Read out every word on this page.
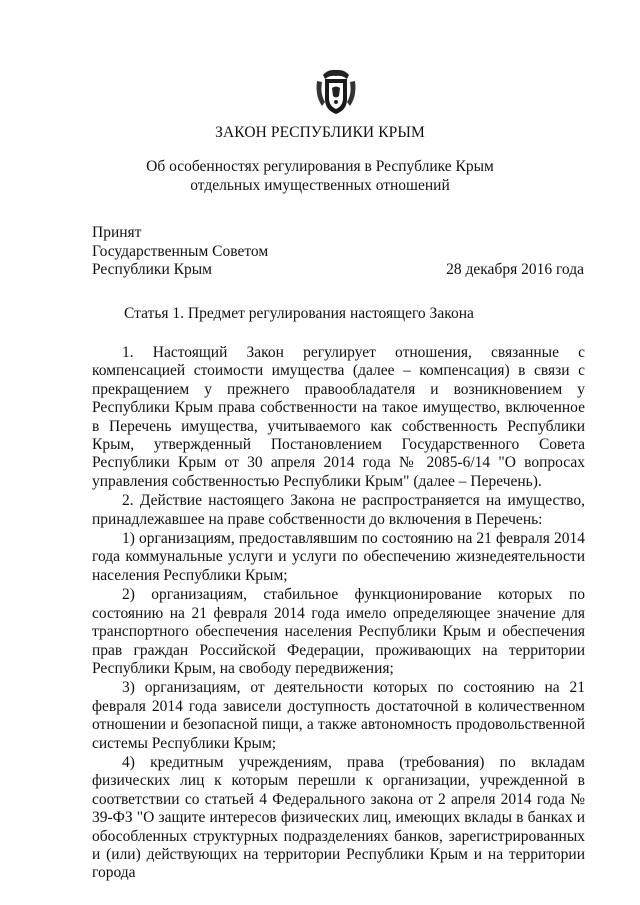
ЗАКОН РЕСПУБЛИКИ КРЫМ
Об особенностях регулирования в Республике Крым
отдельных имущественных отношений
Принят
Государственным Советом
Республики Крым	28 декабря 2016 года
Статья 1. Предмет регулирования настоящего Закона

1. Настоящий Закон регулирует отношения, связанные с компенсацией стоимости имущества (далее – компенсация) в связи с прекращением у прежнего правообладателя и возникновением у Республики Крым права собственности на такое имущество, включенное в Перечень имущества, учитываемого как собственность Республики Крым, утвержденный Постановлением Государственного Совета Республики Крым от 30 апреля 2014 года № 2085-6/14 "О вопросах управления собственностью Республики Крым" (далее – Перечень).

2. Действие настоящего Закона не распространяется на имущество, принадлежавшее на праве собственности до включения в Перечень:

1) организациям, предоставлявшим по состоянию на 21 февраля 2014 года коммунальные услуги и услуги по обеспечению жизнедеятельности населения Республики Крым;

2) организациям, стабильное функционирование которых по состоянию на 21 февраля 2014 года имело определяющее значение для транспортного обеспечения населения Республики Крым и обеспечения прав граждан Российской Федерации, проживающих на территории Республики Крым, на свободу передвижения;

3) организациям, от деятельности которых по состоянию на 21 февраля 2014 года зависели доступность достаточной в количественном отношении и безопасной пищи, а также автономность продовольственной системы Республики Крым;

4) кредитным учреждениям, права (требования) по вкладам физических лиц к которым перешли к организации, учрежденной в соответствии со статьей 4 Федерального закона от 2 апреля 2014 года № 39-ФЗ "О защите интересов физических лиц, имеющих вклады в банках и обособленных структурных подразделениях банков, зарегистрированных и (или) действующих на территории Республики Крым и на территории города
